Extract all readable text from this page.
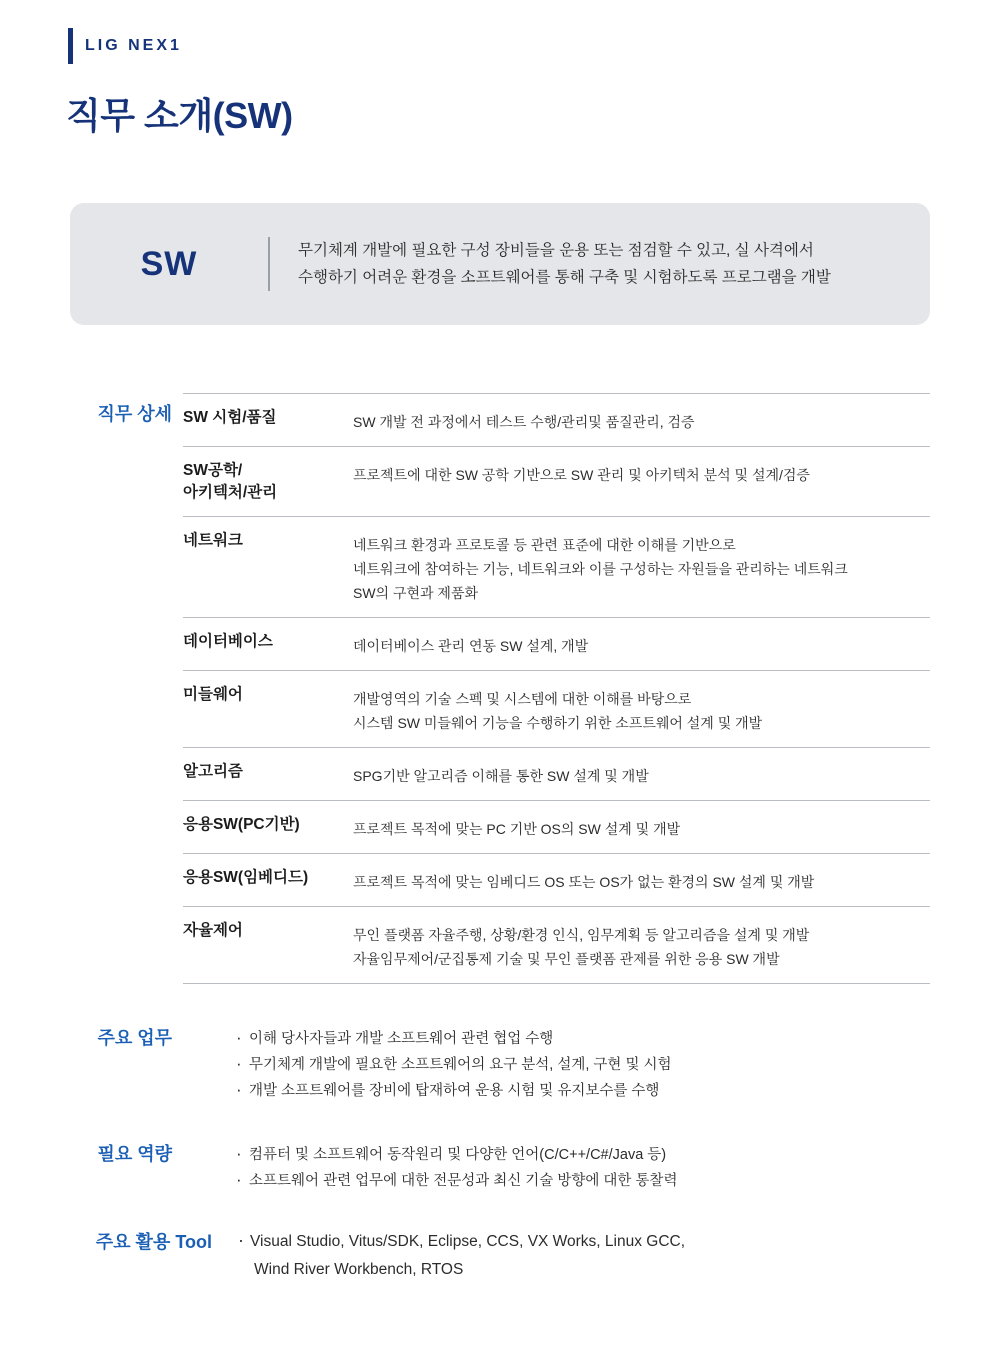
LIG NEX1
직무 소개(SW)
SW	무기체계 개발에 필요한 구성 장비들을 운용 또는 점검할 수 있고, 실 사격에서
수행하기 어려운 환경을 소프트웨어를 통해 구축 및 시험하도록 프로그램을 개발
직무 상세 SW 시험/품질	SW 개발 전 과정에서 테스트 수행/관리및 품질관리, 검증

SW공학/
아키텍처/관리	프로젝트에 대한 SW 공학 기반으로 SW 관리 및 아키텍처 분석 및 설계/검증

네트워크	네트워크 환경과 프로토콜 등 관련 표준에 대한 이해를 기반으로
네트워크에 참여하는 기능, 네트워크와 이를 구성하는 자원들을 관리하는 네트워크
SW의 구현과 제품화

데이터베이스	데이터베이스 관리 연동 SW 설계, 개발

미들웨어	개발영역의 기술 스펙 및 시스템에 대한 이해를 바탕으로
시스템 SW 미들웨어 기능을 수행하기 위한 소프트웨어 설계 및 개발

알고리즘	SPG기반 알고리즘 이해를 통한 SW 설계 및 개발

응용SW(PC기반)	프로젝트 목적에 맞는 PC 기반 OS의 SW 설계 및 개발

응용SW(임베디드)	프로젝트 목적에 맞는 임베디드 OS 또는 OS가 없는 환경의 SW 설계 및 개발

자율제어	무인 플랫폼 자율주행, 상황/환경 인식, 임무계획 등 알고리즘을 설계 및 개발
자율임무제어/군집통제 기술 및 무인 플랫폼 관제를 위한 응용 SW 개발
주요 업무	· 이해 당사자들과 개발 소프트웨어 관련 협업 수행
· 무기체계 개발에 필요한 소프트웨어의 요구 분석, 설계, 구현 및 시험
· 개발 소프트웨어를 장비에 탑재하여 운용 시험 및 유지보수를 수행
필요 역량	· 컴퓨터 및 소프트웨어 동작원리 및 다양한 언어(C/C++/C#/Java 등)
· 소프트웨어 관련 업무에 대한 전문성과 최신 기술 방향에 대한 통찰력
주요 활용 Tool	· Visual Studio, Vitus/SDK, Eclipse, CCS, VX Works, Linux GCC,
Wind River Workbench, RTOS
